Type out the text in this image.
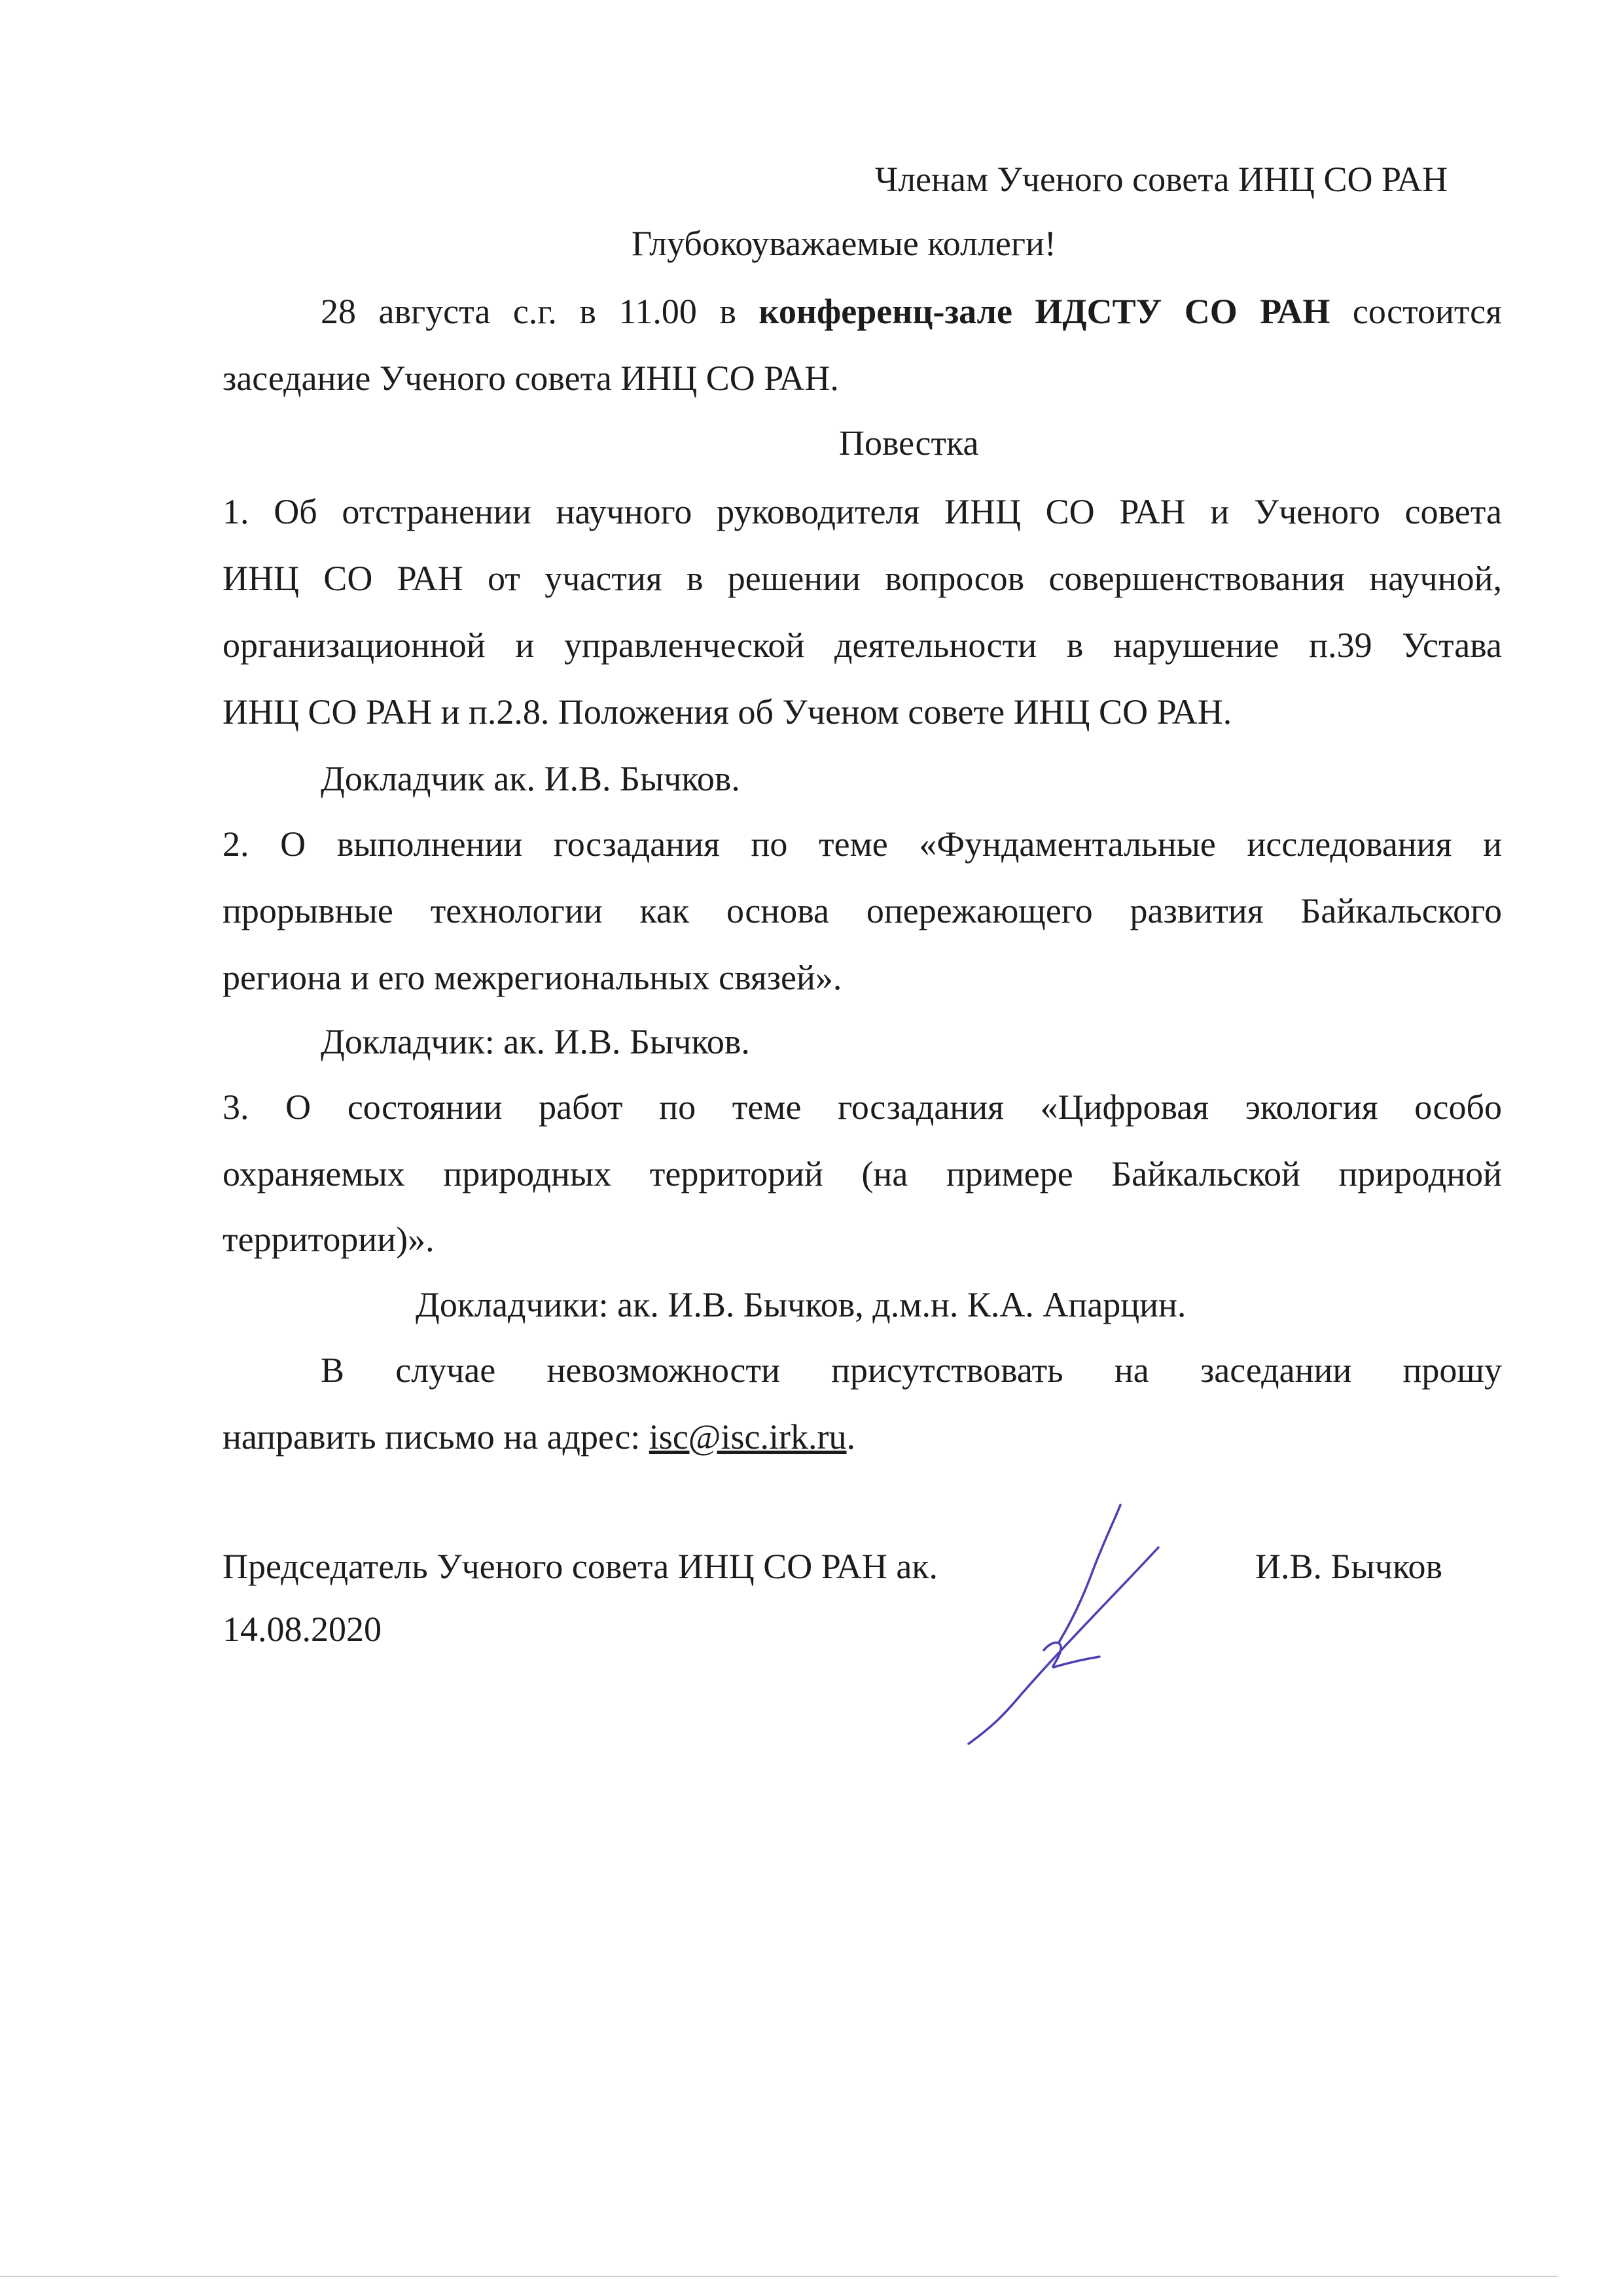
Членам Ученого совета ИНЦ СО РАН
Глубокоуважаемые коллеги!
28 августа с.г. в 11.00 в конференц-зале ИДСТУ СО РАН состоится
заседание Ученого совета ИНЦ СО РАН.
Повестка
1. Об отстранении научного руководителя ИНЦ СО РАН и Ученого совета
ИНЦ СО РАН от участия в решении вопросов совершенствования научной,
организационной и управленческой деятельности в нарушение п.39 Устава
ИНЦ СО РАН и п.2.8. Положения об Ученом совете ИНЦ СО РАН.
Докладчик ак. И.В. Бычков.
2. О выполнении госзадания по теме «Фундаментальные исследования и
прорывные технологии как основа опережающего развития Байкальского
региона и его межрегиональных связей».
Докладчик: ак. И.В. Бычков.
3. О состоянии работ по теме госзадания «Цифровая экология особо
охраняемых природных территорий (на примере Байкальской природной
территории)».
Докладчики: ак. И.В. Бычков, д.м.н. К.А. Апарцин.
В случае невозможности присутствовать на заседании прошу
направить письмо на адрес: isc@isc.irk.ru.
Председатель Ученого совета ИНЦ СО РАН ак.	И.В. Бычков
14.08.2020
